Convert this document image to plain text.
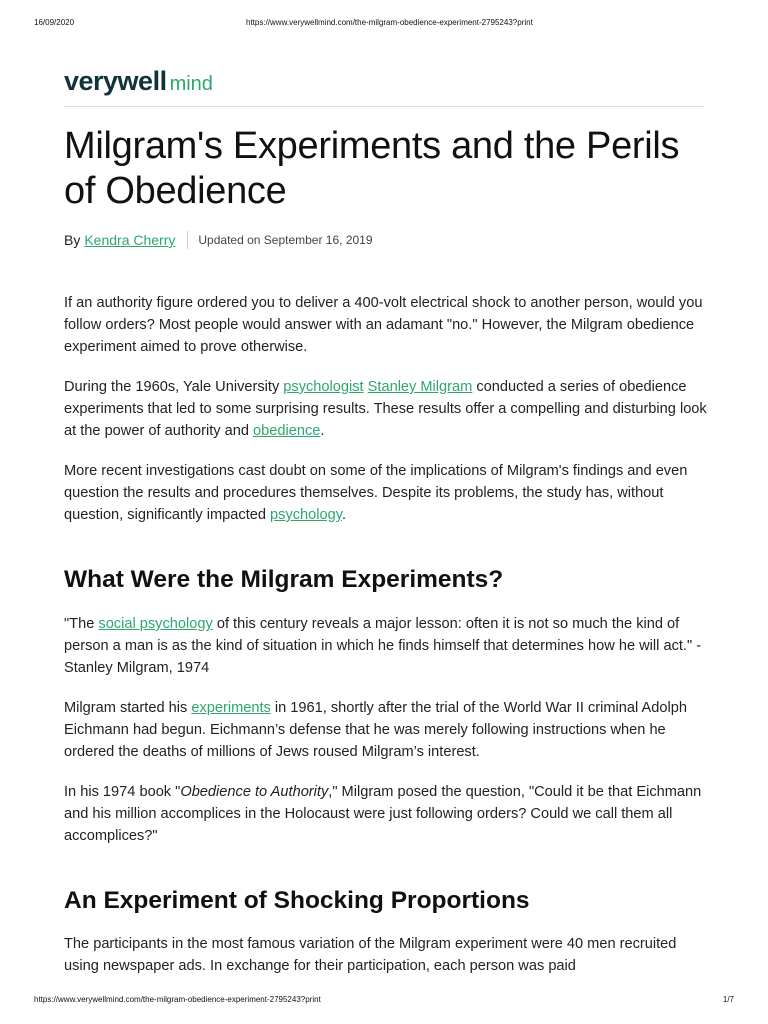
16/09/2020	https://www.verywellmind.com/the-milgram-obedience-experiment-2795243?print
verywell mind
Milgram's Experiments and the Perils of Obedience
By Kendra Cherry Updated on September 16, 2019

If an authority figure ordered you to deliver a 400-volt electrical shock to another person, would you follow orders? Most people would answer with an adamant "no." However, the Milgram obedience experiment aimed to prove otherwise.

During the 1960s, Yale University psychologist Stanley Milgram conducted a series of obedience experiments that led to some surprising results. These results offer a compelling and disturbing look at the power of authority and obedience.

More recent investigations cast doubt on some of the implications of Milgram's findings and even question the results and procedures themselves. Despite its problems, the study has, without question, significantly impacted psychology.

What Were the Milgram Experiments?

"The social psychology of this century reveals a major lesson: often it is not so much the kind of person a man is as the kind of situation in which he finds himself that determines how he will act." - Stanley Milgram, 1974

Milgram started his experiments in 1961, shortly after the trial of the World War II criminal Adolph Eichmann had begun. Eichmann’s defense that he was merely following instructions when he ordered the deaths of millions of Jews roused Milgram’s interest.

In his 1974 book "Obedience to Authority," Milgram posed the question, "Could it be that Eichmann and his million accomplices in the Holocaust were just following orders? Could we call them all accomplices?"

An Experiment of Shocking Proportions

The participants in the most famous variation of the Milgram experiment were 40 men recruited using newspaper ads. In exchange for their participation, each person was paid

https://www.verywellmind.com/the-milgram-obedience-experiment-2795243?print	1/7
